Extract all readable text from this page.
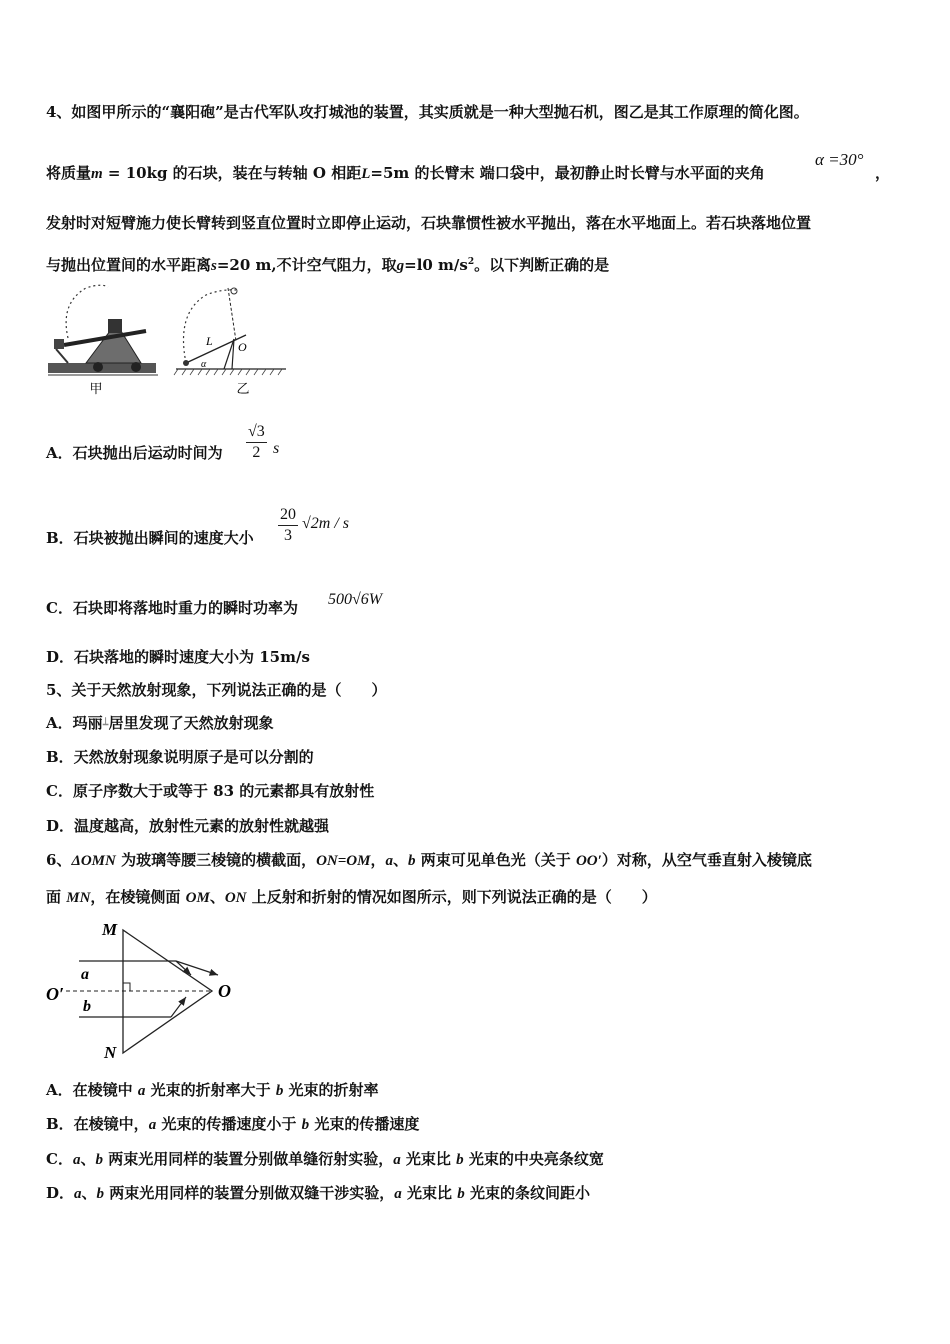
4、如图甲所示的“襄阳砲”是古代军队攻打城池的装置，其实质就是一种大型抛石机，图乙是其工作原理的简化图。
将质量m = 10kg 的石块，装在与转轴 O 相距L=5m 的长臂末 端口袋中，最初静止时长臂与水平面的夹角
α =30°
，
发射时对短臂施力使长臂转到竖直位置时立即停止运动，石块靠惯性被水平抛出，落在水平地面上。若石块落地位置
与抛出位置间的水平距离s=20 m,不计空气阻力，取g=l0 $m/s^2$。以下判断正确的是
甲
L O
α
乙
A．石块抛出后运动时间为 $\frac{√3}{2}$ s
B．石块被抛出瞬间的速度大小 $\frac{20}{3} √2m$ / s
C．石块即将落地时重力的瞬时功率为 500√6W
D．石块落地的瞬时速度大小为 15m/s
5、关于天然放射现象，下列说法正确的是（　　）
A．玛丽⟘居里发现了天然放射现象
B．天然放射现象说明原子是可以分割的
C．原子序数大于或等于 83 的元素都具有放射性
D．温度越高，放射性元素的放射性就越强
6、ΔOMN 为玻璃等腰三棱镜的横截面，ON=OM，a、b 两束可见单色光（关于 OO′）对称，从空气垂直射入棱镜底
面 MN，在棱镜侧面 OM、ON 上反射和折射的情况如图所示，则下列说法正确的是（　　）
M
N
O
O′
a
b
A．在棱镜中 a 光束的折射率大于 b 光束的折射率
B．在棱镜中，a 光束的传播速度小于 b 光束的传播速度
C．a、b 两束光用同样的装置分别做单缝衍射实验，a 光束比 b 光束的中央亮条纹宽
D．a、b 两束光用同样的装置分别做双缝干涉实验，a 光束比 b 光束的条纹间距小
